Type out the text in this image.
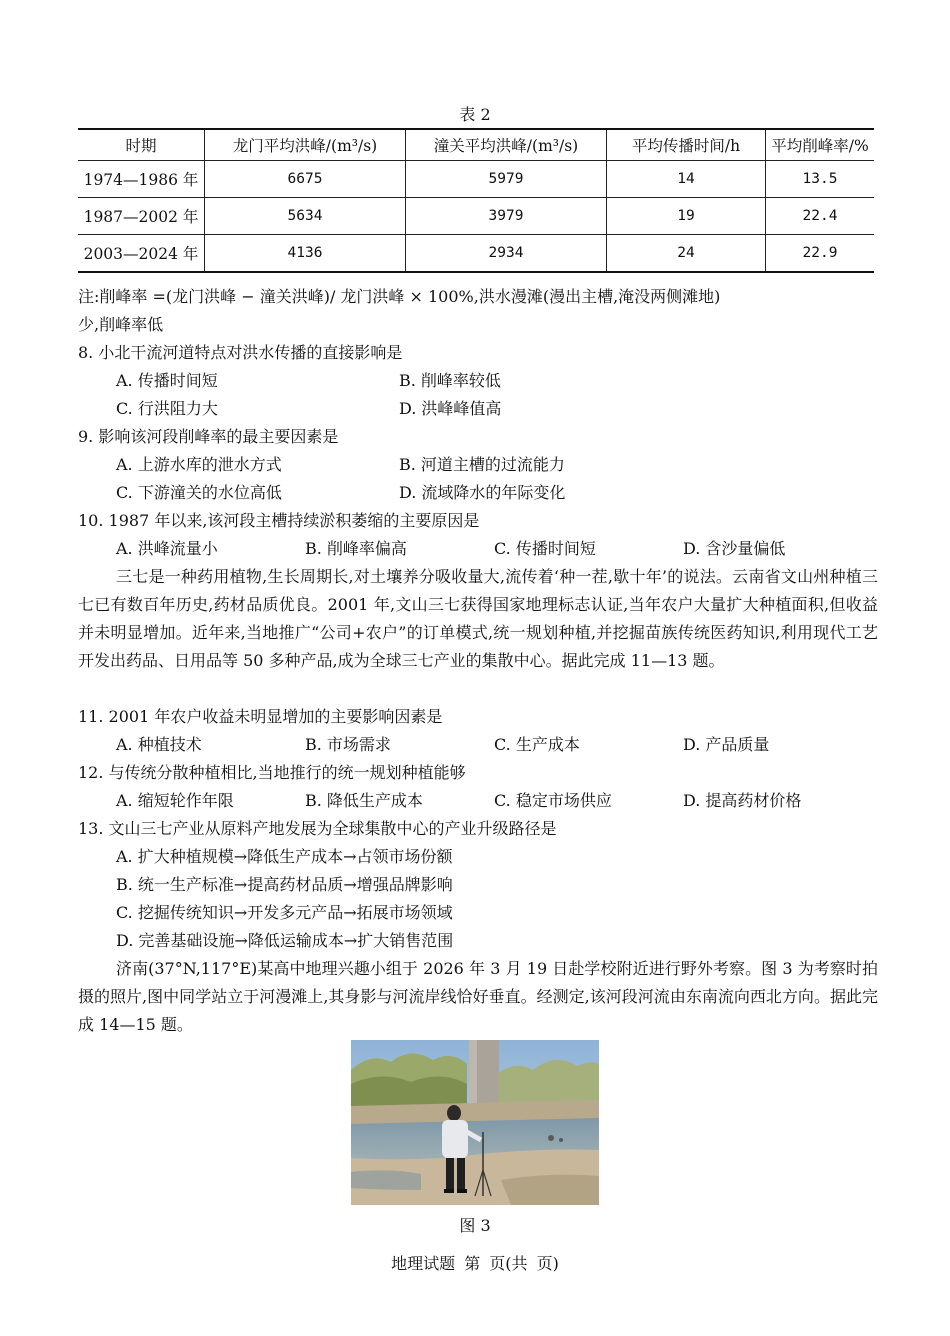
表 2
时期	龙门平均洪峰/(m³/s)	潼关平均洪峰/(m³/s)	平均传播时间/h	平均削峰率/%
1974—1986 年	6675	5979	14	13.5
1987—2002 年	5634	3979	19	22.4
2003—2024 年	4136	2934	24	22.9
注:削峰率 =(龙门洪峰 − 潼关洪峰)/ 龙门洪峰 × 100%,洪水漫滩(漫出主槽,淹没两侧滩地)
少,削峰率低
8. 小北干流河道特点对洪水传播的直接影响是
A. 传播时间短	B. 削峰率较低
C. 行洪阻力大	D. 洪峰峰值高
9. 影响该河段削峰率的最主要因素是
A. 上游水库的泄水方式	B. 河道主槽的过流能力
C. 下游潼关的水位高低	D. 流域降水的年际变化
10. 1987 年以来,该河段主槽持续淤积萎缩的主要原因是
A. 洪峰流量小	B. 削峰率偏高	C. 传播时间短	D. 含沙量偏低
三七是一种药用植物,生长周期长,对土壤养分吸收量大,流传着‘种一茬,歇十年’的说法。云南省文山州种植三七已有数百年历史,药材品质优良。2001 年,文山三七获得国家地理标志认证,当年农户大量扩大种植面积,但收益并未明显增加。近年来,当地推广“公司+农户”的订单模式,统一规划种植,并挖掘苗族传统医药知识,利用现代工艺开发出药品、日用品等 50 多种产品,成为全球三七产业的集散中心。据此完成 11—13 题。
11. 2001 年农户收益未明显增加的主要影响因素是
A. 种植技术	B. 市场需求	C. 生产成本	D. 产品质量
12. 与传统分散种植相比,当地推行的统一规划种植能够
A. 缩短轮作年限	B. 降低生产成本	C. 稳定市场供应	D. 提高药材价格
13. 文山三七产业从原料产地发展为全球集散中心的产业升级路径是
A. 扩大种植规模→降低生产成本→占领市场份额
B. 统一生产标准→提高药材品质→增强品牌影响
C. 挖掘传统知识→开发多元产品→拓展市场领域
D. 完善基础设施→降低运输成本→扩大销售范围
济南(37°N,117°E)某高中地理兴趣小组于 2026 年 3 月 19 日赴学校附近进行野外考察。图 3 为考察时拍摄的照片,图中同学站立于河漫滩上,其身影与河流岸线恰好垂直。经测定,该河段河流由东南流向西北方向。据此完成 14—15 题。
图 3
地理试题 第 页(共 页)
